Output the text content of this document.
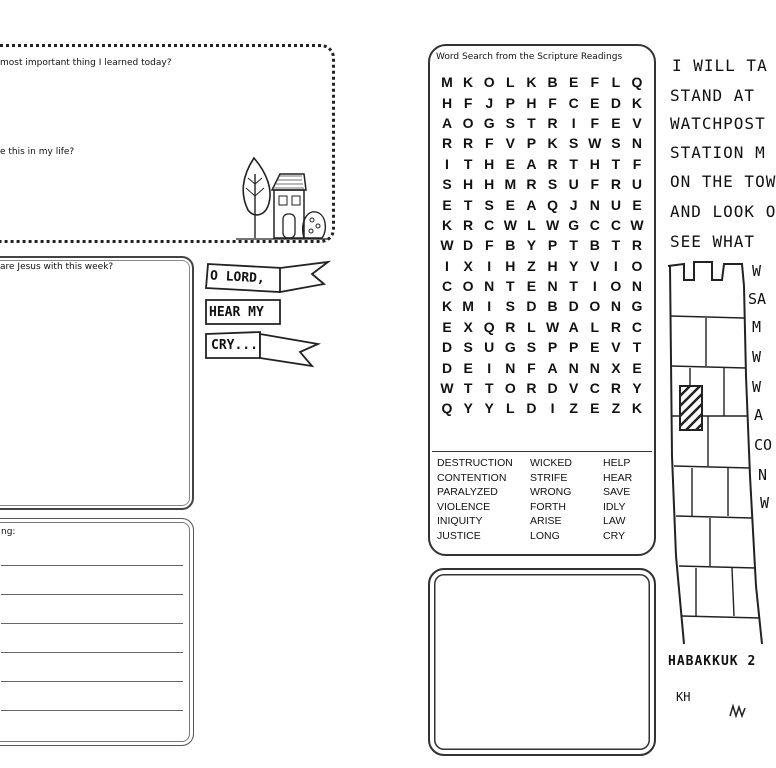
most important thing I learned today?
e this in my life?
are Jesus with this week?
O LORD,
HEAR MY
CRY...
ng:
Word Search from the Scripture Readings
M K O L K B E F L Q
H F J P H F C E D K
A O G S T R	I	F E V
R R F V P K S W S N
I	T H E A R T H T F
S H H M R S U F R U
E T S E A Q J N U E
K R C W L W G C C W
W D F B Y P T B T R
I	X	I	H Z H Y V	I O
C O N T E N T	I O N
K M I	S D B D O N G
E X Q R L W A L R C
D S U G S P P E V T
D E	I	N F A N N X E
W T T O R D V C R Y
Q Y Y L D	I	Z E Z K
DESTRUCTION	WICKED	HELP
CONTENTION	STRIFE	HEAR
PARALYZED	WRONG	SAVE
VIOLENCE	FORTH	IDLY
INIQUITY	ARISE	LAW
JUSTICE	LONG	CRY
I WILL TA
STAND AT
WATCHPOST
STATION M
ON THE TOW
AND LOOK O
SEE WHAT
W
SA
M
W
W
A
CO
N
W
HABAKKUK 2
KH
